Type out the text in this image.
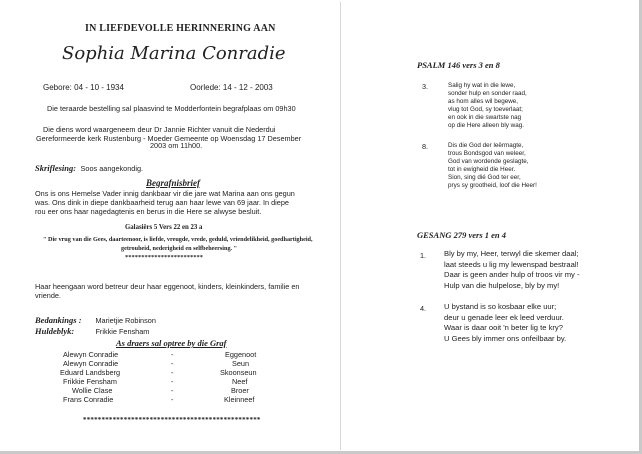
IN LIEFDEVOLLE HERINNERING AAN
Sophia Marina Conradie
Gebore: 04 - 10 - 1934	Oorlede: 14 - 12 - 2003
Die teraarde bestelling sal plaasvind te Modderfontein begrafplaas om 09h30
Die diens word waargeneem deur Dr Jannie Richter vanuit die Nederdui
Gereformeerde kerk Rustenburg - Moeder Gemeente op Woensdag 17 Desember
2003 om 11h00.
Skriflesing: Soos aangekondig.
Begrafnisbrief
Ons is ons Hemelse Vader innig dankbaar vir die jare wat Marina aan ons gegun
was. Ons dink in diepe dankbaarheid terug aan haar lewe van 69 jaar. In diepe
rou eer ons haar nagedagtenis en berus in die Here se alwyse besluit.
Galasiërs 5 Vers 22 en 23 a
" Die vrug van die Gees, daarteenoor, is liefde, vreugde, vrede, geduld, vriendelikheid, goedhartigheid,
getrouheid, nederigheid en selfbeheersing. "
************************
Haar heengaan word betreur deur haar eggenoot, kinders, kleinkinders, familie en
vriende.
Bedankings : Marietjie Robinson
Huldeblyk:	Frikkie Fensham
As draers sal optree by die Graf
Alewyn Conradie	-	Eggenoot
Alewyn Conradie	-	Seun
Eduard Landsberg	-	Skoonseun
Frikkie Fensham	-	Neef
Wollie Clase	-	Broer
Frans Conradie	-	Kleinneef
************************************************
PSALM 146 vers 3 en 8
3.	Salig hy wat in die lewe,
sonder hulp en sonder raad,
as hom alles wil begewe,
vlug tot God, sy toeverlaat;
en ook in die swartste nag
op die Here alleen bly wag.
8.	Dis die God der leërmagte,
trous Bondsgod van weleer,
God van wordende geslagte,
tot in ewigheid die Heer.
Sion, sing dié God ter eer,
prys sy grootheid, loof die Heer!
GESANG 279 vers 1 en 4
1. Bly by my, Heer, terwyl die skemer daal;
laat steeds u lig my lewenspad bestraal!
Daar is geen ander hulp of troos vir my -
Hulp van die hulpelose, bly by my!
4. U bystand is so kosbaar elke uur;
deur u genade leer ek leed verduur.
Waar is daar ooit 'n beter lig te kry?
U Gees bly immer ons onfeilbaar by.
